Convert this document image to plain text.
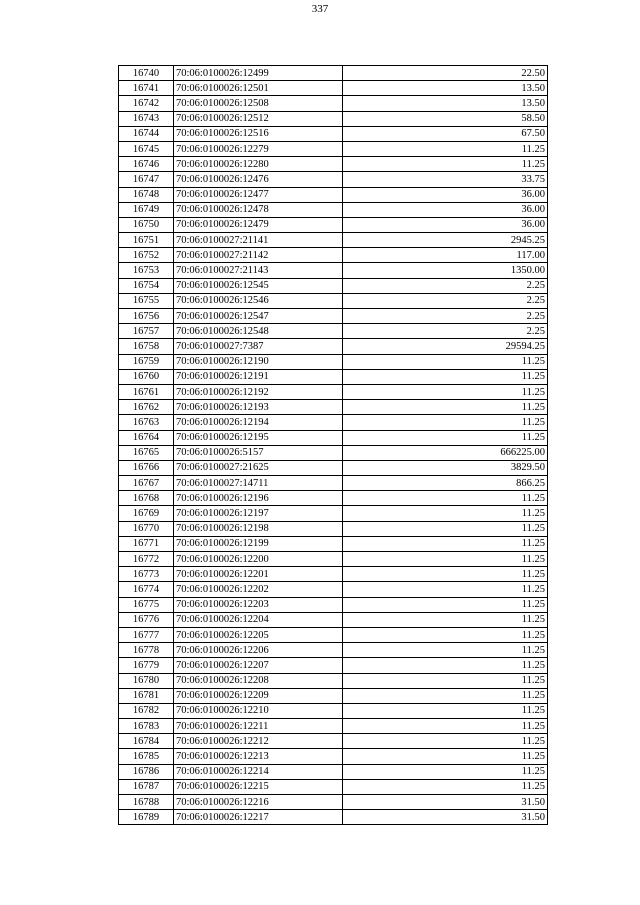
337
16740	70:06:0100026:12499	22.50
16741	70:06:0100026:12501	13.50
16742	70:06:0100026:12508	13.50
16743	70:06:0100026:12512	58.50
16744	70:06:0100026:12516	67.50
16745	70:06:0100026:12279	11.25
16746	70:06:0100026:12280	11.25
16747	70:06:0100026:12476	33.75
16748	70:06:0100026:12477	36.00
16749	70:06:0100026:12478	36.00
16750	70:06:0100026:12479	36.00
16751	70:06:0100027:21141	2945.25
16752	70:06:0100027:21142	117.00
16753	70:06:0100027:21143	1350.00
16754	70:06:0100026:12545	2.25
16755	70:06:0100026:12546	2.25
16756	70:06:0100026:12547	2.25
16757	70:06:0100026:12548	2.25
16758	70:06:0100027:7387	29594.25
16759	70:06:0100026:12190	11.25
16760	70:06:0100026:12191	11.25
16761	70:06:0100026:12192	11.25
16762	70:06:0100026:12193	11.25
16763	70:06:0100026:12194	11.25
16764	70:06:0100026:12195	11.25
16765	70:06:0100026:5157	666225.00
16766	70:06:0100027:21625	3829.50
16767	70:06:0100027:14711	866.25
16768	70:06:0100026:12196	11.25
16769	70:06:0100026:12197	11.25
16770	70:06:0100026:12198	11.25
16771	70:06:0100026:12199	11.25
16772	70:06:0100026:12200	11.25
16773	70:06:0100026:12201	11.25
16774	70:06:0100026:12202	11.25
16775	70:06:0100026:12203	11.25
16776	70:06:0100026:12204	11.25
16777	70:06:0100026:12205	11.25
16778	70:06:0100026:12206	11.25
16779	70:06:0100026:12207	11.25
16780	70:06:0100026:12208	11.25
16781	70:06:0100026:12209	11.25
16782	70:06:0100026:12210	11.25
16783	70:06:0100026:12211	11.25
16784	70:06:0100026:12212	11.25
16785	70:06:0100026:12213	11.25
16786	70:06:0100026:12214	11.25
16787	70:06:0100026:12215	11.25
16788	70:06:0100026:12216	31.50
16789	70:06:0100026:12217	31.50
